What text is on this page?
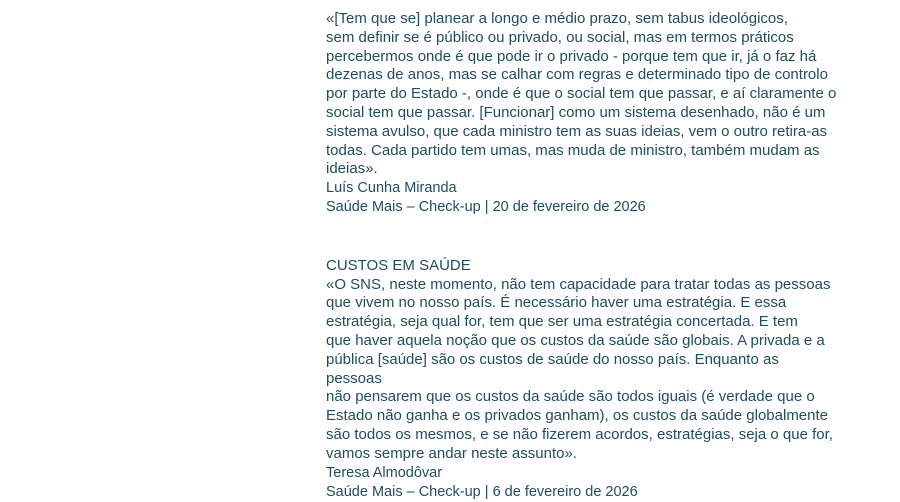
«[Tem que se] planear a longo e médio prazo, sem tabus ideológicos,
sem definir se é público ou privado, ou social, mas em termos práticos
percebermos onde é que pode ir o privado - porque tem que ir, já o faz há
dezenas de anos, mas se calhar com regras e determinado tipo de controlo
por parte do Estado -, onde é que o social tem que passar, e aí claramente o
social tem que passar. [Funcionar] como um sistema desenhado, não é um
sistema avulso, que cada ministro tem as suas ideias, vem o outro retira-as
todas. Cada partido tem umas, mas muda de ministro, também mudam as
ideias».

Luís Cunha Miranda

Saúde Mais – Check-up | 20 de fevereiro de 2026

CUSTOS EM SAÚDE
«O SNS, neste momento, não tem capacidade para tratar todas as pessoas
que vivem no nosso país. É necessário haver uma estratégia. E essa
estratégia, seja qual for, tem que ser uma estratégia concertada. E tem
que haver aquela noção que os custos da saúde são globais. A privada e a
pública [saúde] são os custos de saúde do nosso país. Enquanto as pessoas
não pensarem que os custos da saúde são todos iguais (é verdade que o
Estado não ganha e os privados ganham), os custos da saúde globalmente
são todos os mesmos, e se não fizerem acordos, estratégias, seja o que for,
vamos sempre andar neste assunto».

Teresa Almodôvar

Saúde Mais – Check-up | 6 de fevereiro de 2026
